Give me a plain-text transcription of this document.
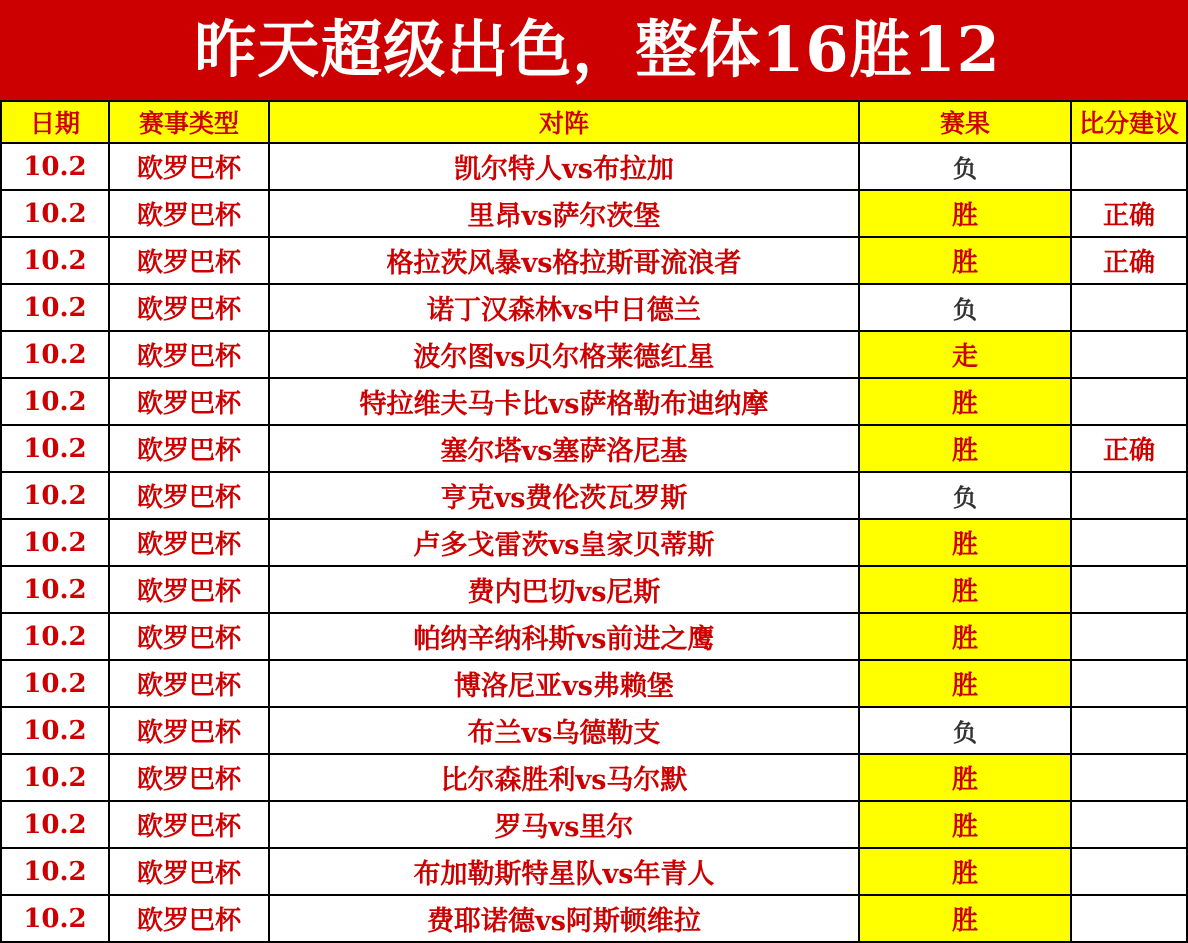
昨天超级出色，整体16胜12
日期	赛事类型	对阵	赛果	比分建议
10.2	欧罗巴杯	凯尔特人vs布拉加	负	
10.2	欧罗巴杯	里昂vs萨尔茨堡	胜	正确
10.2	欧罗巴杯	格拉茨风暴vs格拉斯哥流浪者	胜	正确
10.2	欧罗巴杯	诺丁汉森林vs中日德兰	负	
10.2	欧罗巴杯	波尔图vs贝尔格莱德红星	走	
10.2	欧罗巴杯	特拉维夫马卡比vs萨格勒布迪纳摩	胜	
10.2	欧罗巴杯	塞尔塔vs塞萨洛尼基	胜	正确
10.2	欧罗巴杯	亨克vs费伦茨瓦罗斯	负	
10.2	欧罗巴杯	卢多戈雷茨vs皇家贝蒂斯	胜	
10.2	欧罗巴杯	费内巴切vs尼斯	胜	
10.2	欧罗巴杯	帕纳辛纳科斯vs前进之鹰	胜	
10.2	欧罗巴杯	博洛尼亚vs弗赖堡	胜	
10.2	欧罗巴杯	布兰vs乌德勒支	负	
10.2	欧罗巴杯	比尔森胜利vs马尔默	胜	
10.2	欧罗巴杯	罗马vs里尔	胜	
10.2	欧罗巴杯	布加勒斯特星队vs年青人	胜	
10.2	欧罗巴杯	费耶诺德vs阿斯顿维拉	胜	
